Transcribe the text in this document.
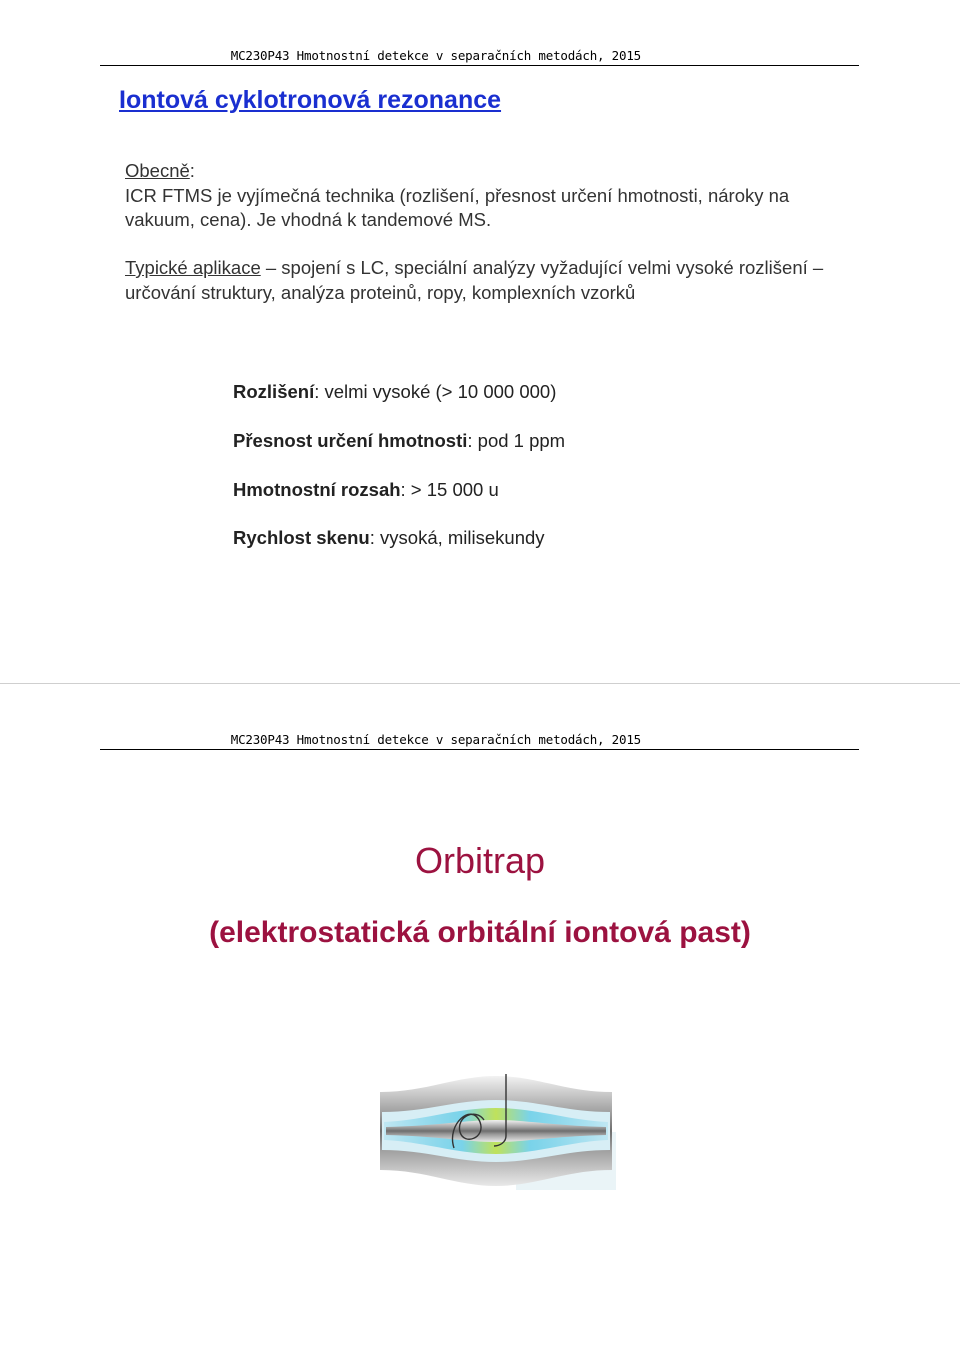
MC230P43 Hmotnostní detekce v separačních metodách, 2015
Iontová cyklotronová rezonance
Obecně:
ICR FTMS je vyjímečná technika (rozlišení, přesnost určení hmotnosti, nároky na vakuum, cena). Je vhodná k tandemové MS.
Typické aplikace – spojení s LC, speciální analýzy vyžadující velmi vysoké rozlišení – určování struktury, analýza proteinů, ropy, komplexních vzorků
Rozlišení: velmi vysoké (> 10 000 000)
Přesnost určení hmotnosti: pod 1 ppm
Hmotnostní rozsah: > 15 000 u
Rychlost skenu: vysoká, milisekundy
MC230P43 Hmotnostní detekce v separačních metodách, 2015
Orbitrap
(elektrostatická orbitální iontová past)
